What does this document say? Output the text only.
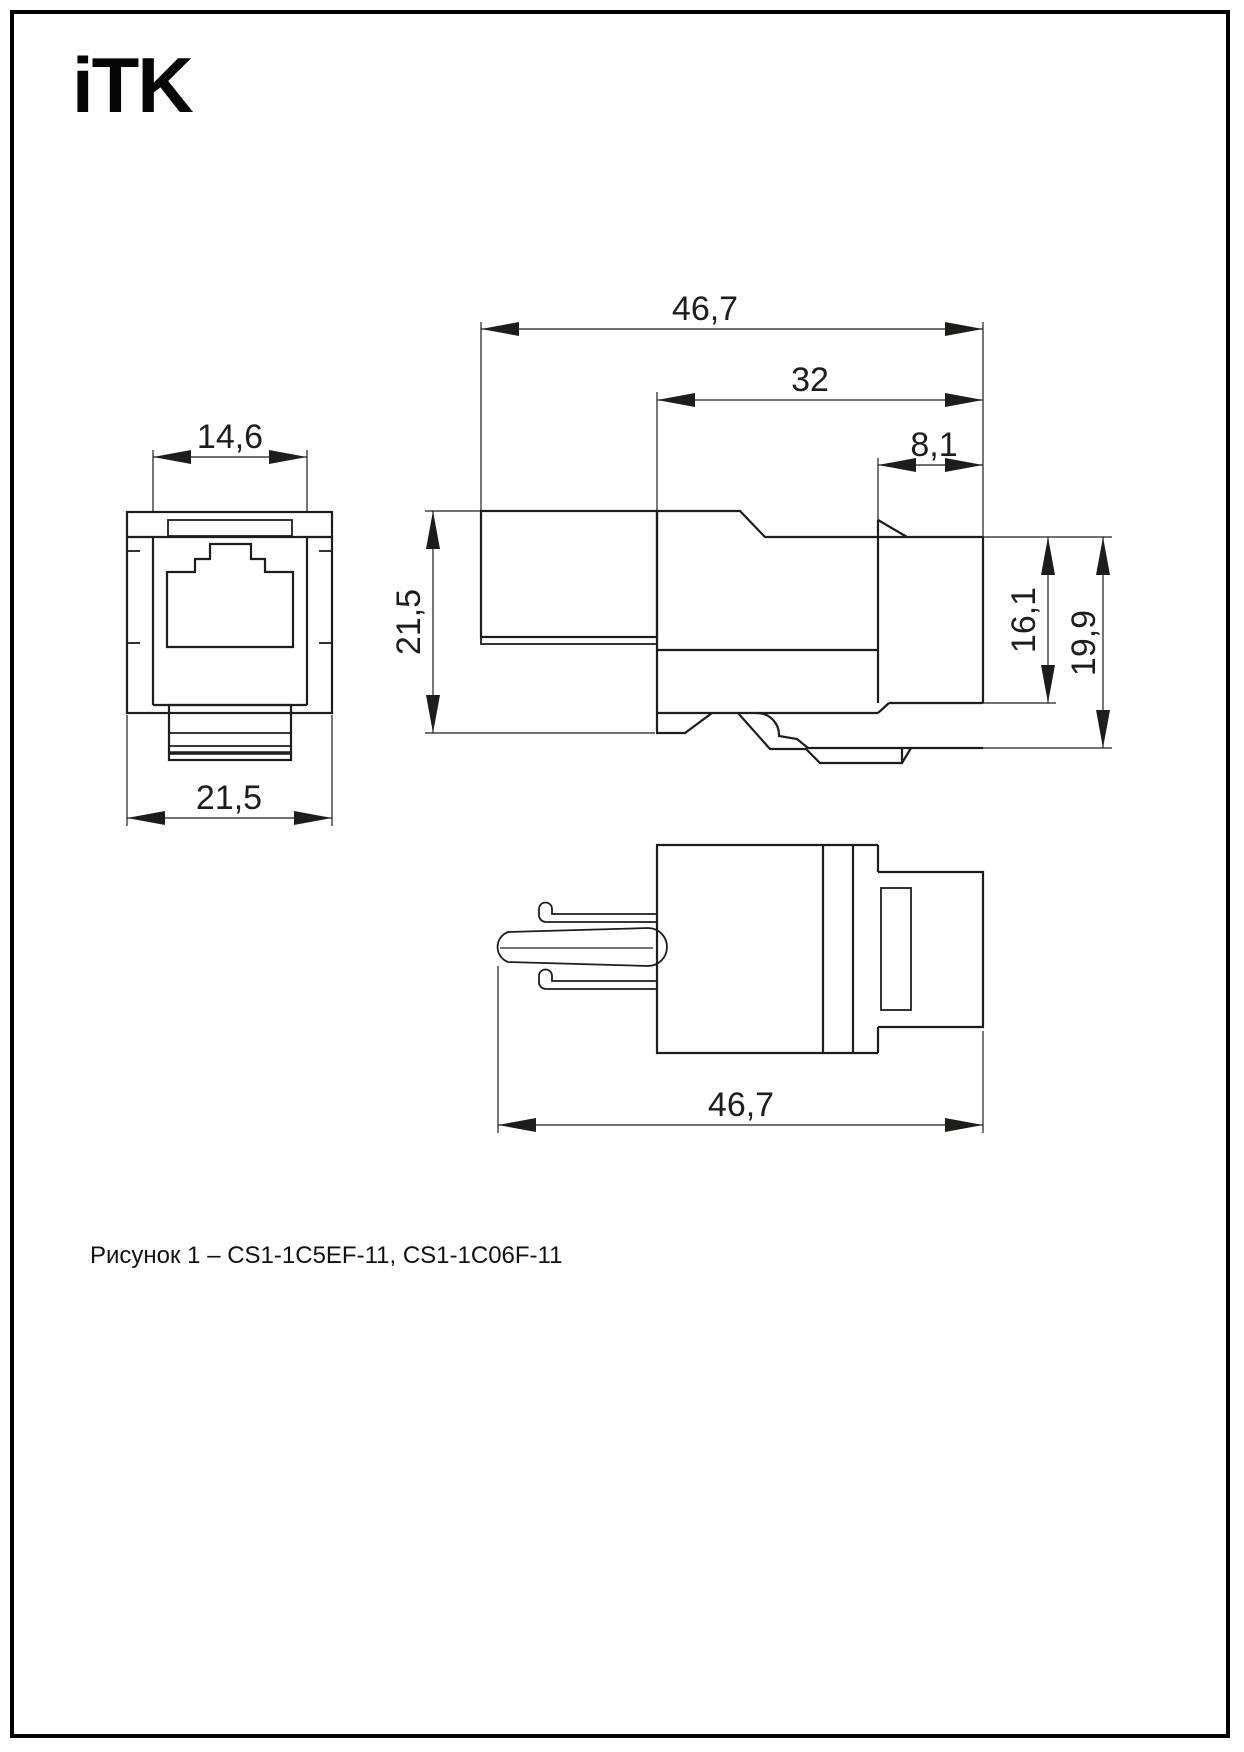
iTK
14,6
21,5
46,7
32
8,1
21,5	16,1 19,9
46,7
Рисунок 1 – CS1-1C5EF-11, CS1-1C06F-11
